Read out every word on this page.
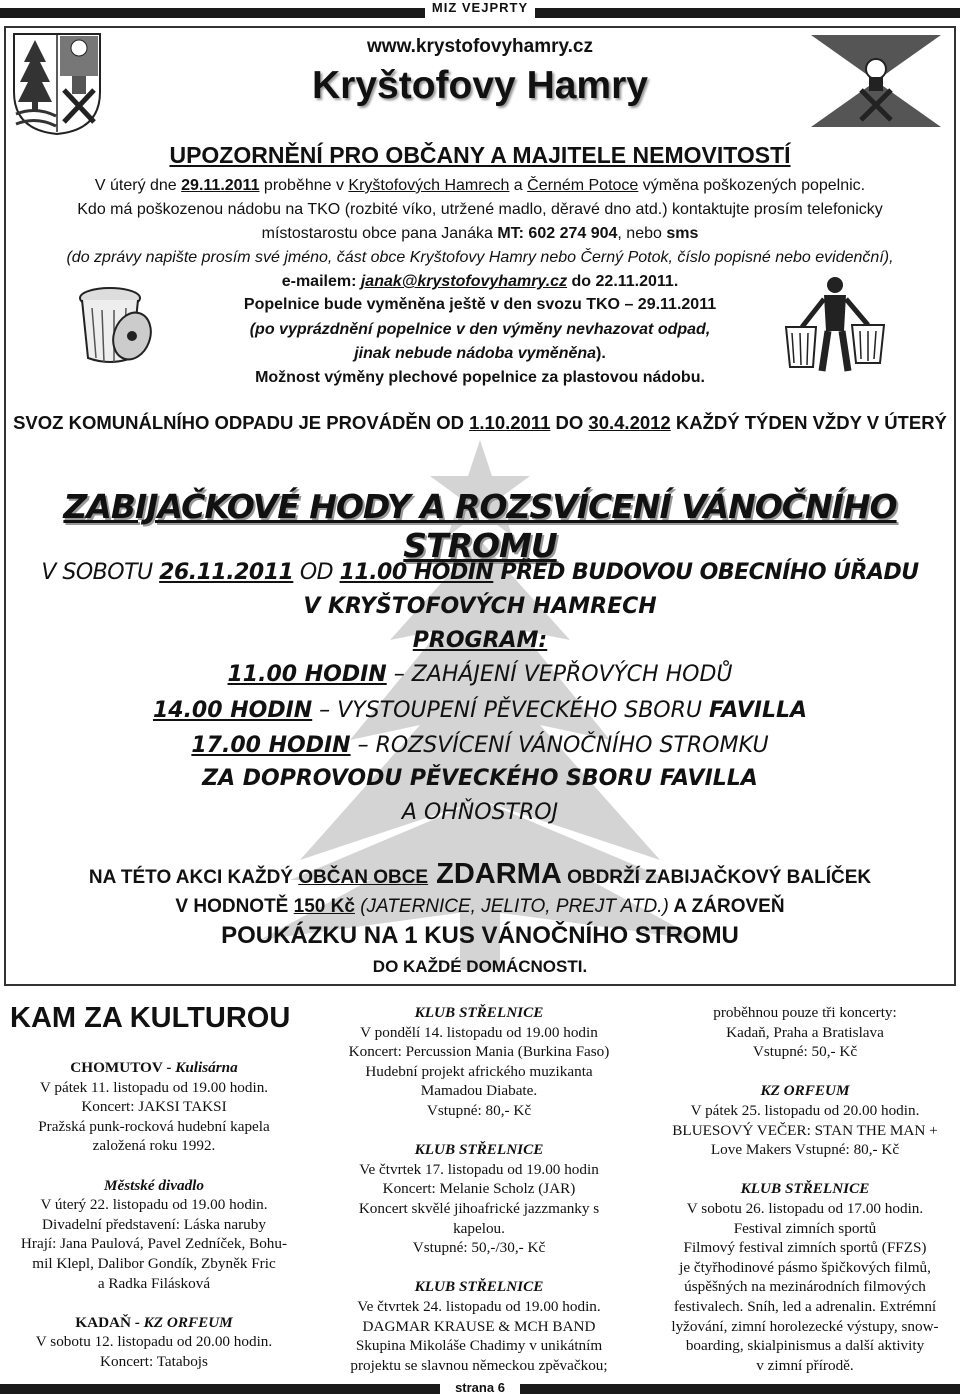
MIZ VEJPRTY
www.krystofovyhamry.cz
Kryštofovy Hamry
UPOZORNĚNÍ PRO OBČANY A MAJITELE NEMOVITOSTÍ
V úterý dne 29.11.2011 proběhne v Kryštofových Hamrech a Černém Potoce výměna poškozených popelnic.
Kdo má poškozenou nádobu na TKO (rozbité víko, utržené madlo, děravé dno atd.) kontaktujte prosím telefonicky
místostarostu obce pana Janáka MT: 602 274 904, nebo sms
(do zprávy napište prosím své jméno, část obce Kryštofovy Hamry nebo Černý Potok, číslo popisné nebo evidenční),
e-mailem: janak@krystofovyhamry.cz do 22.11.2011.
Popelnice bude vyměněna ještě v den svozu TKO – 29.11.2011
(po vyprázdnění popelnice v den výměny nevhazovat odpad,
jinak nebude nádoba vyměněna).
Možnost výměny plechové popelnice za plastovou nádobu.
SVOZ KOMUNÁLNÍHO ODPADU JE PROVÁDĚN OD 1.10.2011 DO 30.4.2012 KAŽDÝ TÝDEN VŽDY V ÚTERÝ
ZABIJAČKOVÉ HODY A ROZSVÍCENÍ VÁNOČNÍHO STROMU
V SOBOTU 26.11.2011 OD 11.00 HODIN PŘED BUDOVOU OBECNÍHO ÚŘADU
V KRYŠTOFOVÝCH HAMRECH
PROGRAM:
11.00 HODIN – ZAHÁJENÍ VEPŘOVÝCH HODŮ
14.00 HODIN – VYSTOUPENÍ PĚVECKÉHO SBORU FAVILLA
17.00 HODIN – ROZSVÍCENÍ VÁNOČNÍHO STROMKU
ZA DOPROVODU PĚVECKÉHO SBORU FAVILLA
A OHŇOSTROJ
NA TÉTO AKCI KAŽDÝ OBČAN OBCE ZDARMA OBDRŽÍ ZABIJAČKOVÝ BALÍČEK
V HODNOTĚ 150 Kč (JATERNICE, JELITO, PREJT ATD.) A ZÁROVEŇ
POUKÁZKU NA 1 KUS VÁNOČNÍHO STROMU
DO KAŽDÉ DOMÁCNOSTI.
KAM ZA KULTUROU
CHOMUTOV - Kulisárna
V pátek 11. listopadu od 19.00 hodin.
Koncert: JAKSI TAKSI
Pražská punk-rocková hudební kapela
založená roku 1992.

Městské divadlo
V úterý 22. listopadu od 19.00 hodin.
Divadelní představení: Láska naruby
Hrají: Jana Paulová, Pavel Zedníček, Bohu-
mil Klepl, Dalibor Gondík, Zbyněk Fric
a Radka Filásková

KADAŇ - KZ ORFEUM
V sobotu 12. listopadu od 20.00 hodin.
Koncert: Tatabojs
KLUB STŘELNICE
V pondělí 14. listopadu od 19.00 hodin
Koncert: Percussion Mania (Burkina Faso)
Hudební projekt afrického muzikanta
Mamadou Diabate.
Vstupné: 80,- Kč

KLUB STŘELNICE
Ve čtvrtek 17. listopadu od 19.00 hodin
Koncert: Melanie Scholz (JAR)
Koncert skvělé jihoafrické jazzmanky s
kapelou.
Vstupné: 50,-/30,- Kč

KLUB STŘELNICE
Ve čtvrtek 24. listopadu od 19.00 hodin.
DAGMAR KRAUSE & MCH BAND
Skupina Mikoláše Chadimy v unikátním
projektu se slavnou německou zpěvačkou;
proběhnou pouze tři koncerty:
Kadaň, Praha a Bratislava
Vstupné: 50,- Kč

KZ ORFEUM
V pátek 25. listopadu od 20.00 hodin.
BLUESOVÝ VEČER: STAN THE MAN +
Love Makers Vstupné: 80,- Kč

KLUB STŘELNICE
V sobotu 26. listopadu od 17.00 hodin.
Festival zimních sportů
Filmový festival zimních sportů (FFZS)
je čtyřhodinové pásmo špičkových filmů,
úspěšných na mezinárodních filmových
festivalech. Sníh, led a adrenalin. Extrémní
lyžování, zimní horolezecké výstupy, snow-
boarding, skialpinismus a další aktivity
v zimní přírodě.
strana 6
